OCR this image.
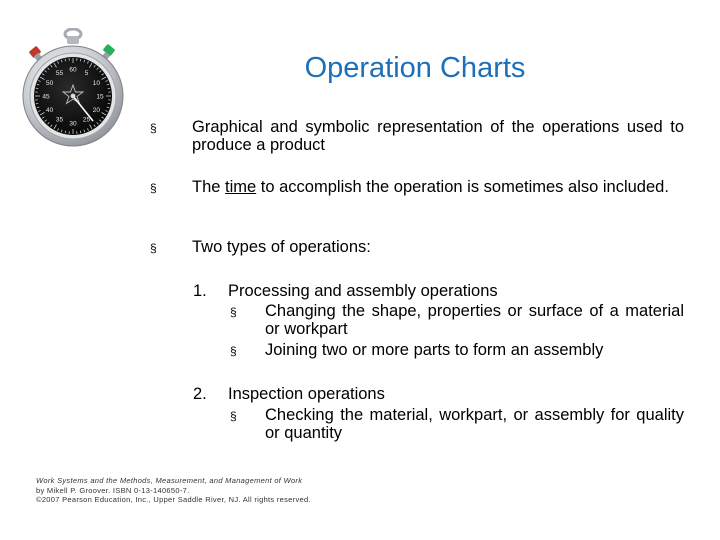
60
5
10
15
20
25
30
35
40
45
50
55	Operation Charts
§	Graphical and symbolic representation of the operations used to produce a product
§	The time to accomplish the operation is sometimes also included.
§	Two types of operations:
1. Processing and assembly operations
§	Changing the shape, properties or surface of a material or workpart
§	Joining two or more parts to form an assembly
2. Inspection operations
§	Checking the material, workpart, or assembly for quality or quantity
Work Systems and the Methods, Measurement, and Management of Work
by Mikell P. Groover. ISBN 0-13-140650-7.
©2007 Pearson Education, Inc., Upper Saddle River, NJ. All rights reserved.
